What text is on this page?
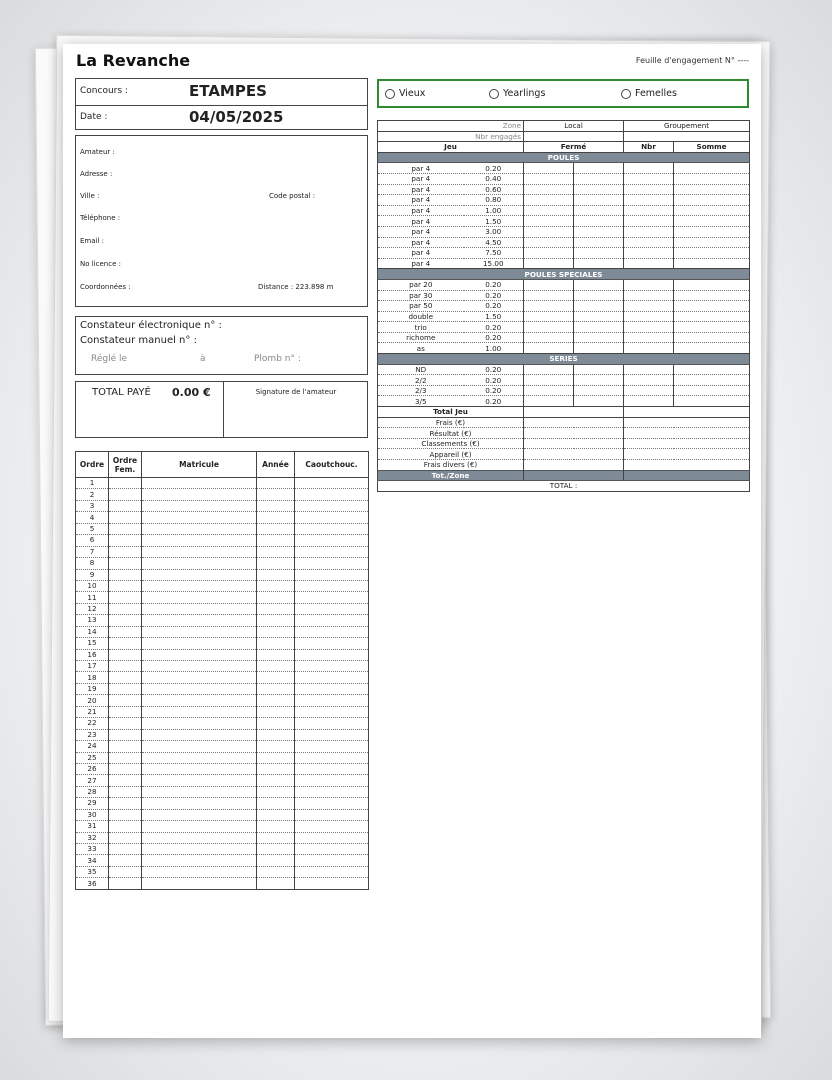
La Revanche	Feuille d'engagement N° ----
Concours :	ETAMPES
Date :	04/05/2025
Amateur :
Adresse :
Ville :	Code postal :
Téléphone :
Email :
No licence :
Coordonnées :	Distance : 223.898 m
Constateur électronique n° :
Constateur manuel n° :
Réglé le	à	Plomb n° :
TOTAL PAYÉ 0.00 €	Signature de l'amateur
Ordre	Ordre Fem.	Matricule	Année	Caoutchouc.
1				
2				
3				
4				
5				
6				
7				
8				
9				
10				
11				
12				
13				
14				
15				
16				
17				
18				
19				
20				
21				
22				
23				
24				
25				
26				
27				
28				
29				
30				
31				
32				
33				
34				
35				
36				
Vieux	Yearlings	Femelles
Zone		Local		Groupement	
Nbr engagés					
Jeu		Fermé		Nbr	Somme
POULES					
par 4	0.20				
par 4	0.40				
par 4	0.60				
par 4	0.80				
par 4	1.00				
par 4	1.50				
par 4	3.00				
par 4	4.50				
par 4	7.50				
par 4	15.00				
POULES SPECIALES					
par 20	0.20				
par 30	0.20				
par 50	0.20				
double	1.50				
trio	0.20				
richome	0.20				
as	1.00				
SERIES					
ND	0.20				
2/2	0.20				
2/3	0.20				
3/5	0.20				
Total Jeu					
Frais (€)					
Résultat (€)					
Classements (€)					
Appareil (€)					
Frais divers (€)					
Tot./Zone					
TOTAL :					
